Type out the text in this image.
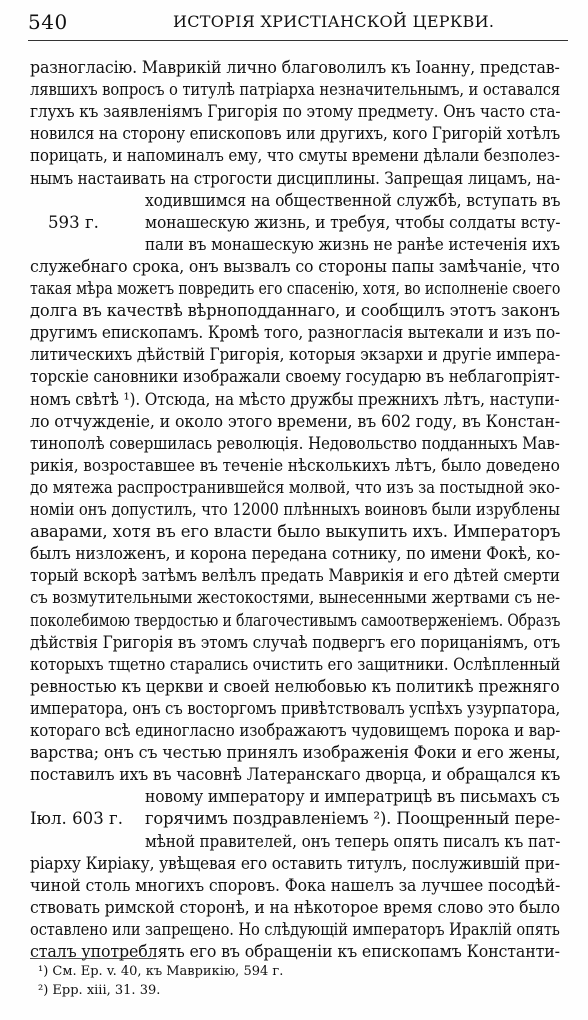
540	ИСТОРІЯ ХРИСТІАНСКОЙ ЦЕРКВИ.
разногласію. Маврикій лично благоволилъ къ Іоанну, представ-
лявшихъ вопросъ о титулѣ патріарха незначительнымъ, и оставался
глухъ къ заявленіямъ Григорія по этому предмету. Онъ часто ста-
новился на сторону епископовъ или другихъ, кого Григорій хотѣлъ
порицать, и напоминалъ ему, что смуты времени дѣлали безполез-
нымъ настаивать на строгости дисциплины. Запрещая лицамъ, на-
ходившимся на общественной службѣ, вступать въ
монашескую жизнь, и требуя, чтобы солдаты всту-
пали въ монашескую жизнь не ранѣе истеченія ихъ
служебнаго срока, онъ вызвалъ со стороны папы замѣчаніе, что
такая мѣра можетъ повредить его спасенію, хотя, во исполненіе своего
долга въ качествѣ вѣрноподданнаго, и сообщилъ этотъ законъ
другимъ епископамъ. Кромѣ того, разногласія вытекали и изъ по-
литическихъ дѣйствій Григорія, которыя экзархи и другіе импера-
торскіе сановники изображали своему государю въ неблагопріят-
номъ свѣтѣ ¹). Отсюда, на мѣсто дружбы прежнихъ лѣтъ, наступи-
ло отчужденіе, и около этого времени, въ 602 году, въ Констан-
тинополѣ совершилась революція. Недовольство подданныхъ Мав-
рикія, возроставшее въ теченіе нѣсколькихъ лѣтъ, было доведено
до мятежа распространившейся молвой, что изъ за постыдной эко-
номіи онъ допустилъ, что 12000 плѣнныхъ воиновъ были изрублены
аварами, хотя въ его власти было выкупить ихъ. Императоръ
былъ низложенъ, и корона передана сотнику, по имени Фокѣ, ко-
торый вскорѣ затѣмъ велѣлъ предать Маврикія и его дѣтей смерти
съ возмутительными жестокостями, вынесенными жертвами съ не-
поколебимою твердостью и благочестивымъ самоотверженіемъ. Образъ
дѣйствія Григорія въ этомъ случаѣ подвергъ его порицаніямъ, отъ
которыхъ тщетно старались очистить его защитники. Ослѣпленный
ревностью къ церкви и своей нелюбовью къ политикѣ прежняго
императора, онъ съ восторгомъ привѣтствовалъ успѣхъ узурпатора,
котораго всѣ единогласно изображаютъ чудовищемъ порока и вар-
варства; онъ съ честью принялъ изображенія Фоки и его жены,
поставилъ ихъ въ часовнѣ Латеранскаго дворца, и обращался къ
новому императору и императрицѣ въ письмахъ съ
горячимъ поздравленіемъ ²). Поощренный пере-
мѣной правителей, онъ теперь опять писалъ къ пат-
ріарху Киріаку, увѣщевая его оставить титулъ, послужившій при-
чиной столь многихъ споровъ. Фока нашелъ за лучшее посодѣй-
ствовать римской сторонѣ, и на нѣкоторое время слово это было
оставлено или запрещено. Но слѣдующій императоръ Ираклій опять
сталъ употреблять его въ обращеніи къ епископамъ Константи-
593 г.
Іюл. 603 г.
¹) См. Ер. v. 40, къ Маврикію, 594 г.
²) Epp. xiii, 31. 39.
